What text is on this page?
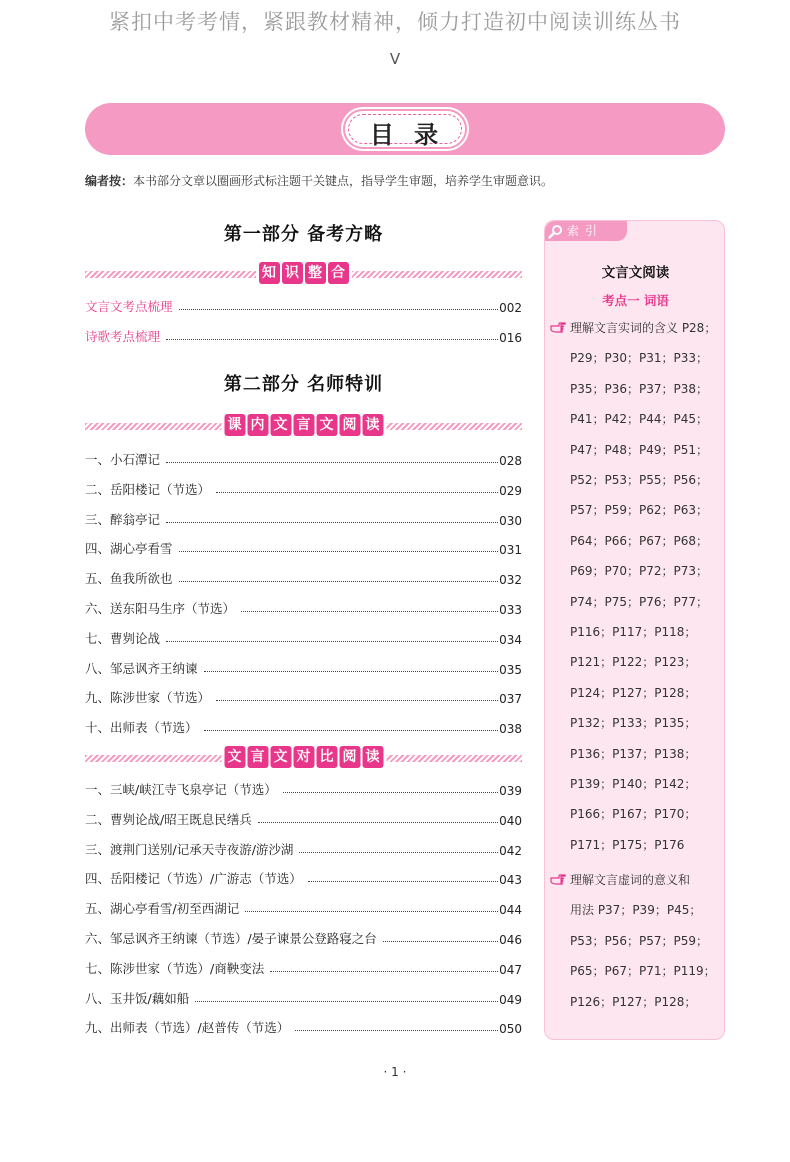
紧扣中考考情，紧跟教材精神，倾力打造初中阅读训练丛书
V
目 录
编者按：本书部分文章以圈画形式标注题干关键点，指导学生审题，培养学生审题意识。
第一部分 备考方略
知 识 整 合
文言文考点梳理	002
诗歌考点梳理	016
第二部分 名师特训
课 内 文 言 文 阅 读
一、小石潭记	028
二、岳阳楼记（节选）	029
三、醉翁亭记	030
四、湖心亭看雪	031
五、鱼我所欲也	032
六、送东阳马生序（节选）	033
七、曹刿论战	034
八、邹忌讽齐王纳谏	035
九、陈涉世家（节选）	037
十、出师表（节选）	038
文 言 文 对 比 阅 读
一、三峡/峡江寺飞泉亭记（节选）	039
二、曹刿论战/昭王既息民缮兵	040
三、渡荆门送别/记承天寺夜游/游沙湖	042
四、岳阳楼记（节选）/广游志（节选）	043
五、湖心亭看雪/初至西湖记	044
六、邹忌讽齐王纳谏（节选）/晏子谏景公登路寝之台	046
七、陈涉世家（节选）/商鞅变法	047
八、玉井饭/藕如船	049
九、出师表（节选）/赵普传（节选）	050
索引
文言文阅读
考点一 词语
理解文言实词的含义 P28；
P29；P30；P31；P33；
P35；P36；P37；P38；
P41；P42；P44；P45；
P47；P48；P49；P51；
P52；P53；P55；P56；
P57；P59；P62；P63；
P64；P66；P67；P68；
P69；P70；P72；P73；
P74；P75；P76；P77；
P116；P117；P118；
P121；P122；P123；
P124；P127；P128；
P132；P133；P135；
P136；P137；P138；
P139；P140；P142；
P166；P167；P170；
P171；P175；P176
理解文言虚词的意义和
用法 P37；P39；P45；
P53；P56；P57；P59；
P65；P67；P71；P119；
P126；P127；P128；
· 1 ·
